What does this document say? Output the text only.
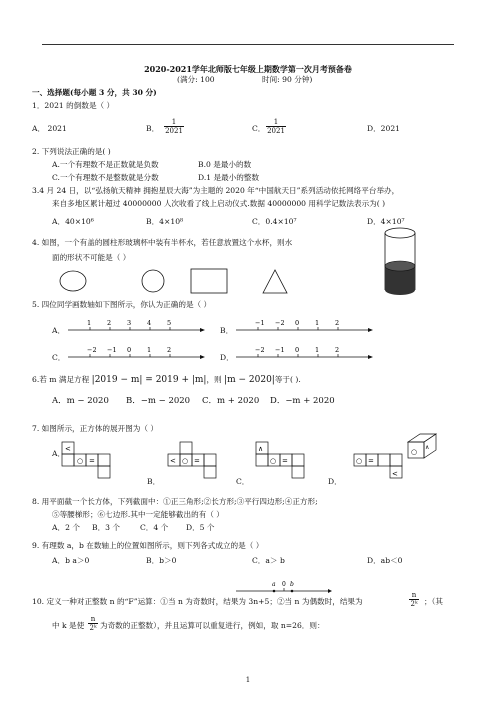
2020-2021学年北师版七年级上期数学第一次月考预备卷
(满分: 100	时间: 90 分钟)
一、选择题(每小题 3 分，共 30 分)
1．2021 的倒数是（ ）
A． 2021	B． $\frac{1}{2021}$	C． $\frac{1}{2021}$	D．2021
2. 下列说法正确的是( )
A.一个有理数不是正数就是负数	B.0 是最小的数
C.一个有理数不是整数就是分数	D.1 是最小的整数
3.4 月 24 日，以“弘扬航天精神 拥抱星辰大海”为主题的 2020 年“中国航天日”系列活动依托网络平台举办，
来自多地区累计超过 40000000 人次收看了线上启动仪式.数据 40000000 用科学记数法表示为( )
A．40×10⁶	B．4×10⁸	C．0.4×10⁷	D．4×10⁷
4. 如图，一个有盖的圆柱形玻璃杯中装有半杯水，若任意放置这个水杯，则水
面的形状不可能是（ ）
5. 四位同学画数轴如下图所示，你认为正确的是（ ）
A．	B．
C．	D．
1 2 3 4 5	−1 −2 0 1 2
−2 −1 0 1 2	−2 −1 0 1 2
6.若 m 满足方程 |2019 − m| = 2019 + |m|，则 |m − 2020|等于( ).
A．m − 2020 B．−m − 2020 C．m + 2020 D．−m + 2020
7. 如图所示，正方体的展开图为（ ）
A．
B．	C．	D．
<
○ =	< ○ =
∧
○ =	○ =
<
○
∧
8. 用平面截一个长方体，下列截面中：①正三角形;②长方形;③平行四边形;④正方形;
⑤等腰梯形；⑥七边形.其中一定能够截出的有（ ）
A．2 个 B．3 个	C．4 个 D．5 个
9. 有理数 a，b 在数轴上的位置如图所示，则下列各式成立的是（ ）
A．b a＞0	B．b＞0	C．a＞ b	D．ab＜0
a 0 b
10. 定义一种对正整数 n 的“F”运算：①当 n 为奇数时，结果为 3n+5；②当 n 为偶数时，结果为	$\frac{n}{\text{2ᵏ}}$ ；（其
中 k 是使 $\frac{n}{\text{2ᵏ}}$ 为奇数的正整数），并且运算可以重复进行，例如，取 n=26．则：
1
